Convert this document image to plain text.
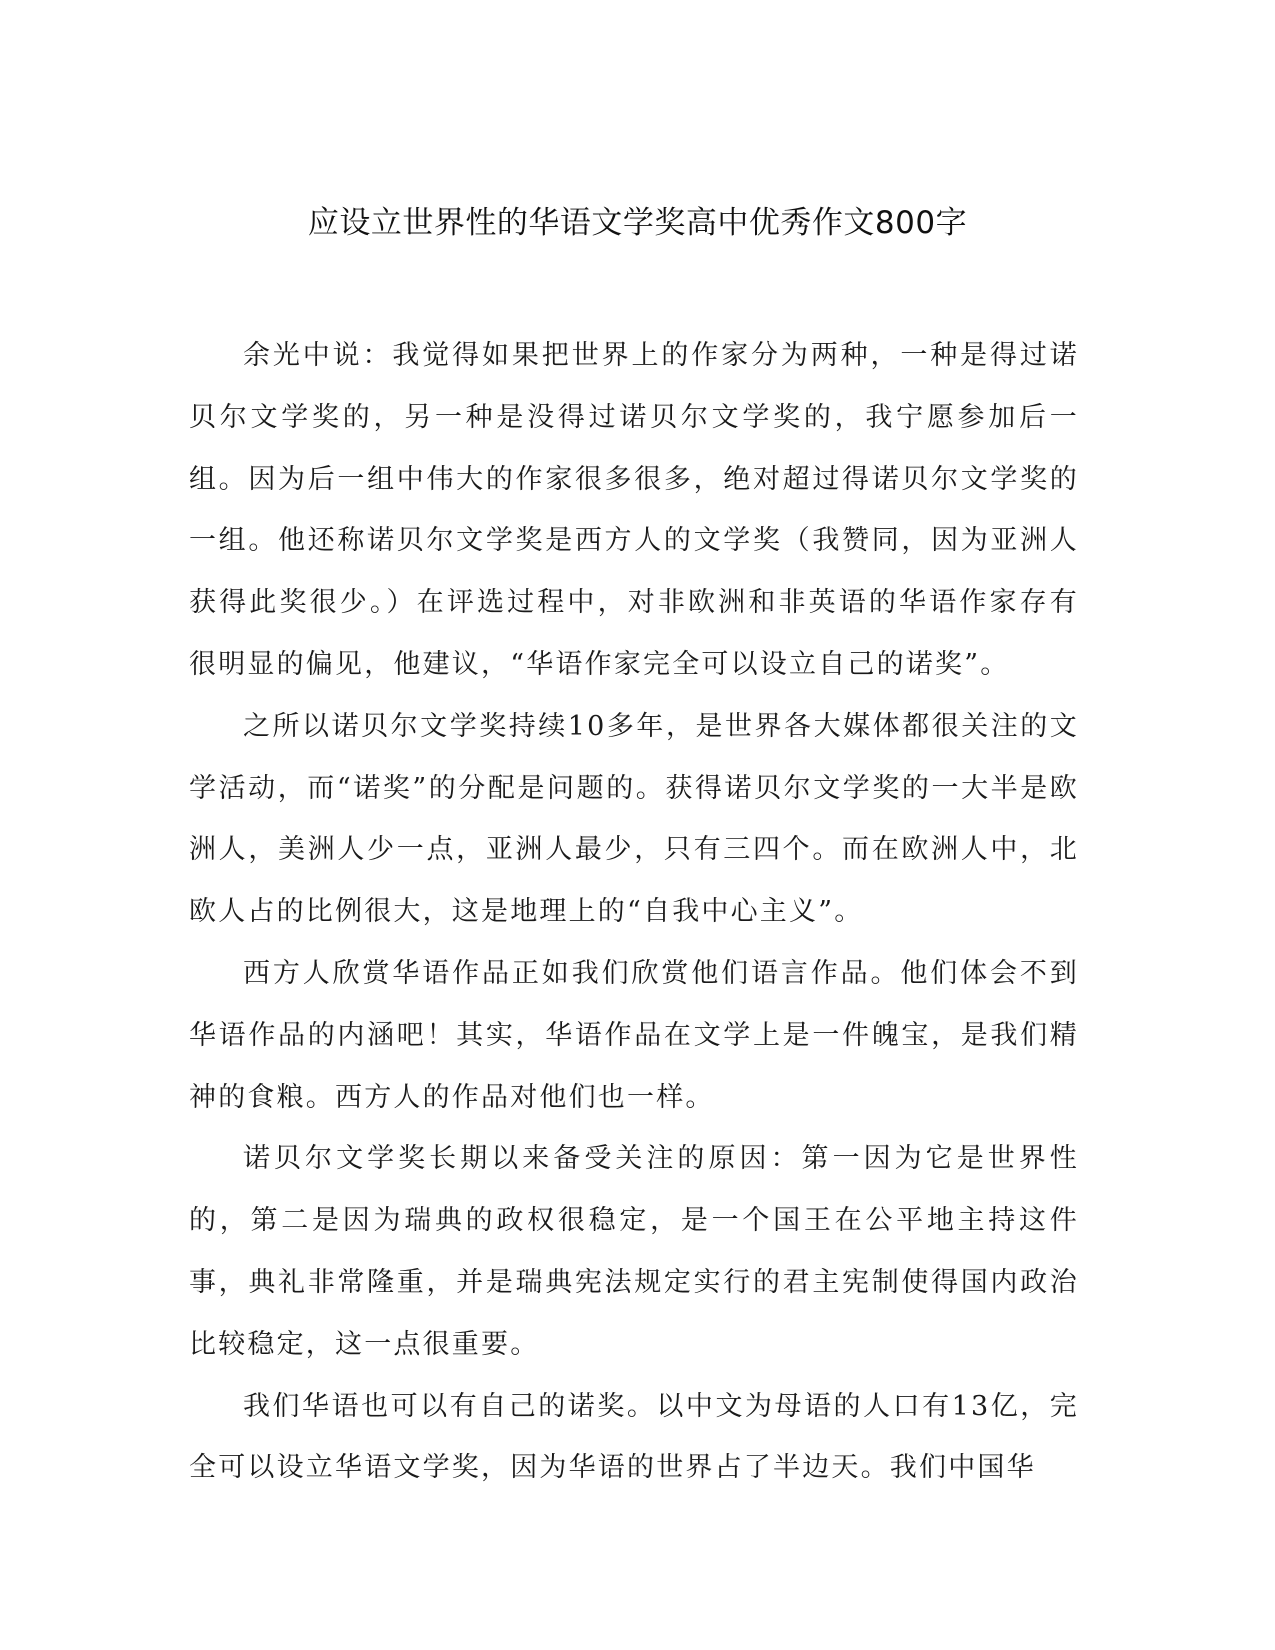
应设立世界性的华语文学奖高中优秀作文800字

余光中说：我觉得如果把世界上的作家分为两种，一种是得过诺贝尔文学奖的，另一种是没得过诺贝尔文学奖的，我宁愿参加后一组。因为后一组中伟大的作家很多很多，绝对超过得诺贝尔文学奖的一组。他还称诺贝尔文学奖是西方人的文学奖（我赞同，因为亚洲人获得此奖很少。）在评选过程中，对非欧洲和非英语的华语作家存有很明显的偏见，他建议，“华语作家完全可以设立自己的诺奖”。

之所以诺贝尔文学奖持续10多年，是世界各大媒体都很关注的文学活动，而“诺奖”的分配是问题的。获得诺贝尔文学奖的一大半是欧洲人，美洲人少一点，亚洲人最少，只有三四个。而在欧洲人中，北欧人占的比例很大，这是地理上的“自我中心主义”。

西方人欣赏华语作品正如我们欣赏他们语言作品。他们体会不到华语作品的内涵吧！其实，华语作品在文学上是一件魄宝，是我们精神的食粮。西方人的作品对他们也一样。

诺贝尔文学奖长期以来备受关注的原因：第一因为它是世界性的，第二是因为瑞典的政权很稳定，是一个国王在公平地主持这件事，典礼非常隆重，并是瑞典宪法规定实行的君主宪制使得国内政治比较稳定，这一点很重要。

我们华语也可以有自己的诺奖。以中文为母语的人口有13亿，完全可以设立华语文学奖，因为华语的世界占了半边天。我们中国华
